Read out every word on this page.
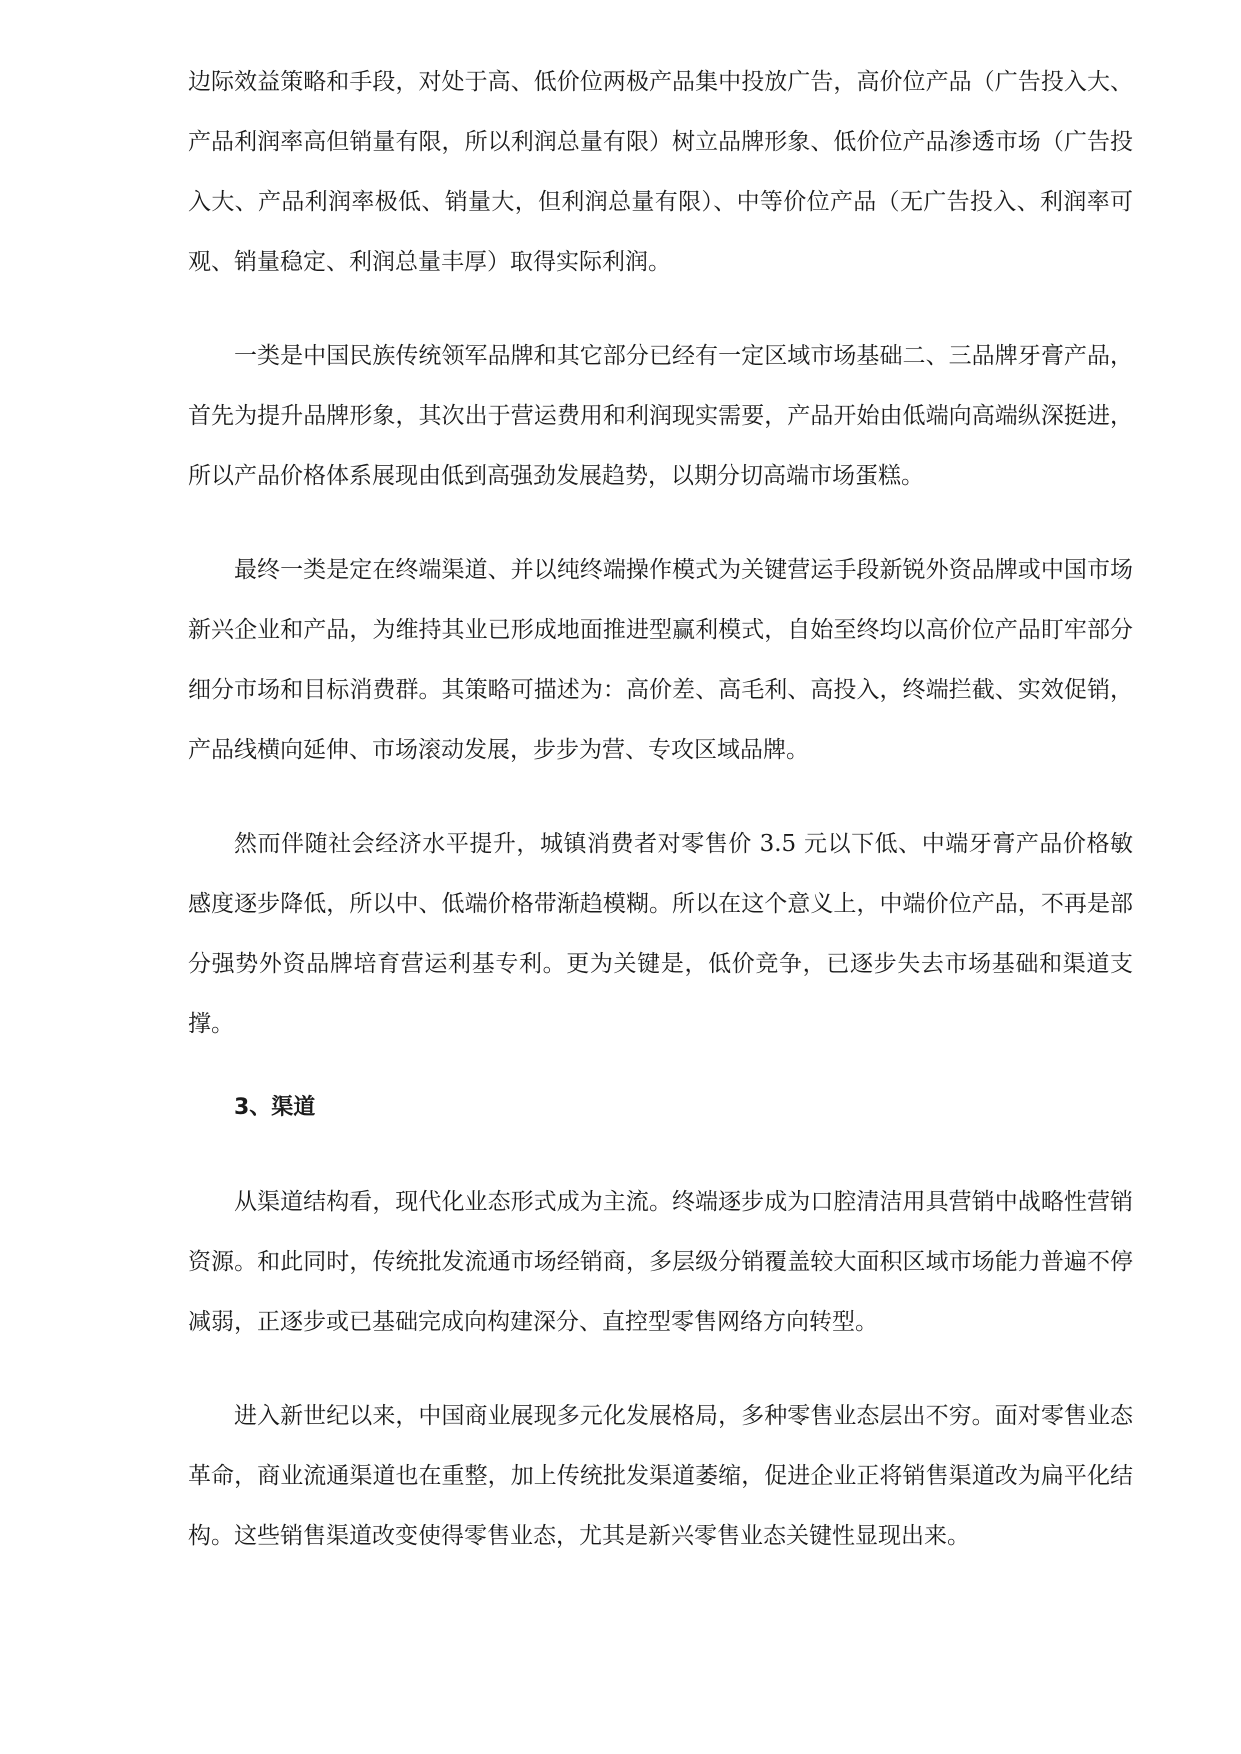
边际效益策略和手段，对处于高、低价位两极产品集中投放广告，高价位产品（广告投入大、产品利润率高但销量有限，所以利润总量有限）树立品牌形象、低价位产品渗透市场（广告投入大、产品利润率极低、销量大，但利润总量有限）、中等价位产品（无广告投入、利润率可观、销量稳定、利润总量丰厚）取得实际利润。

一类是中国民族传统领军品牌和其它部分已经有一定区域市场基础二、三品牌牙膏产品，首先为提升品牌形象，其次出于营运费用和利润现实需要，产品开始由低端向高端纵深挺进，所以产品价格体系展现由低到高强劲发展趋势，以期分切高端市场蛋糕。

最终一类是定在终端渠道、并以纯终端操作模式为关键营运手段新锐外资品牌或中国市场新兴企业和产品，为维持其业已形成地面推进型赢利模式，自始至终均以高价位产品盯牢部分细分市场和目标消费群。其策略可描述为：高价差、高毛利、高投入，终端拦截、实效促销，产品线横向延伸、市场滚动发展，步步为营、专攻区域品牌。

然而伴随社会经济水平提升，城镇消费者对零售价 3.5 元以下低、中端牙膏产品价格敏感度逐步降低，所以中、低端价格带渐趋模糊。所以在这个意义上，中端价位产品，不再是部分强势外资品牌培育营运利基专利。更为关键是，低价竞争，已逐步失去市场基础和渠道支撑。

3、渠道

从渠道结构看，现代化业态形式成为主流。终端逐步成为口腔清洁用具营销中战略性营销资源。和此同时，传统批发流通市场经销商，多层级分销覆盖较大面积区域市场能力普遍不停减弱，正逐步或已基础完成向构建深分、直控型零售网络方向转型。

进入新世纪以来，中国商业展现多元化发展格局，多种零售业态层出不穷。面对零售业态革命，商业流通渠道也在重整，加上传统批发渠道萎缩，促进企业正将销售渠道改为扁平化结构。这些销售渠道改变使得零售业态，尤其是新兴零售业态关键性显现出来。
